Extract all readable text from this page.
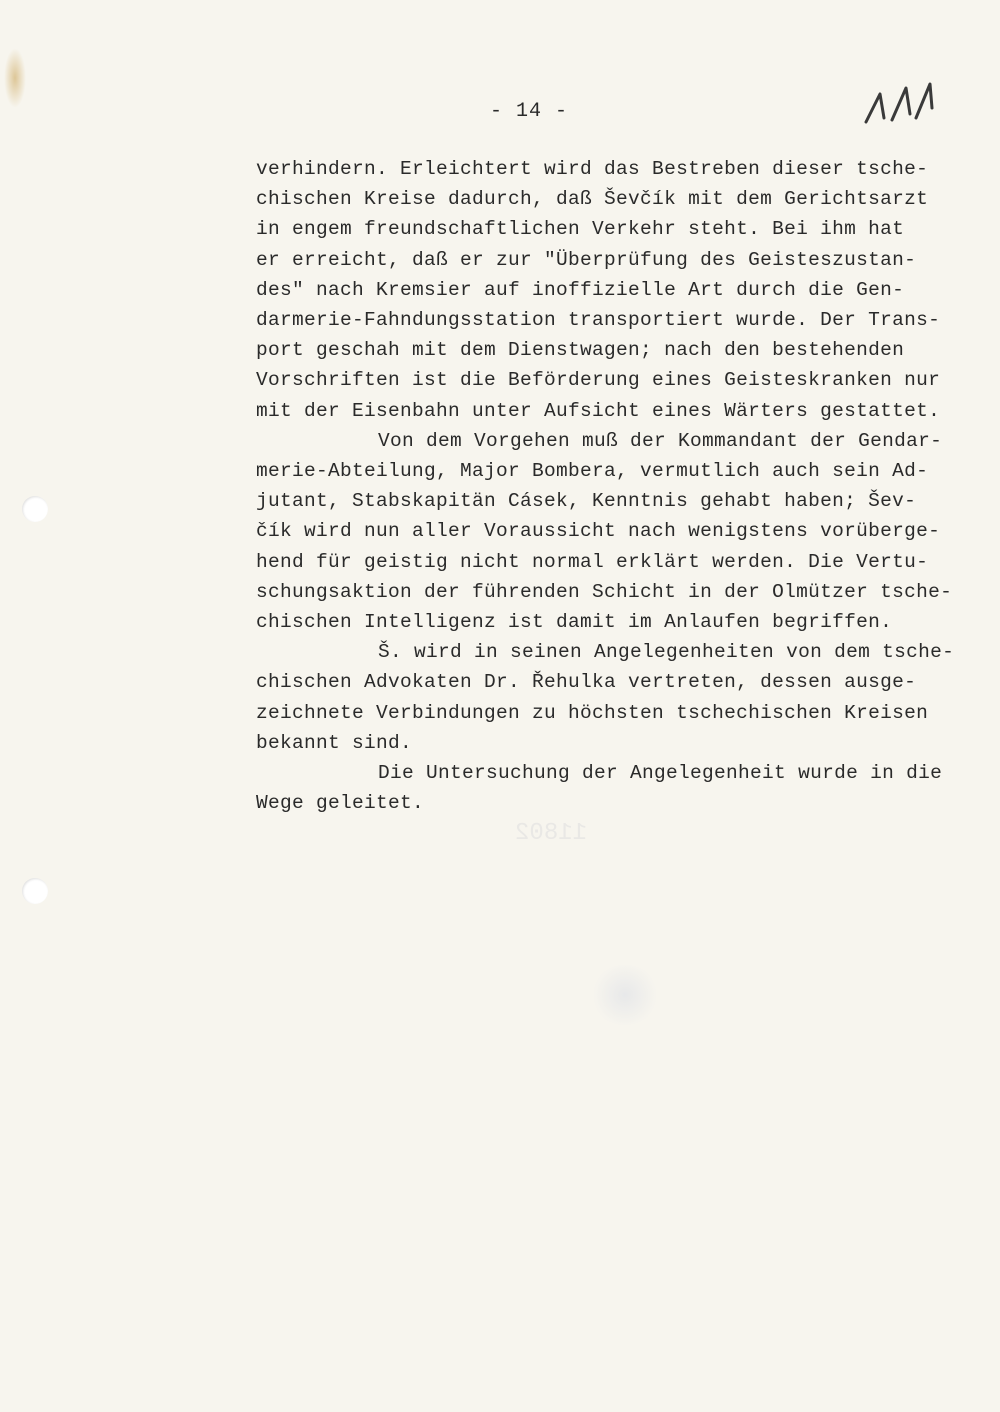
- 14 -
11802
verhindern. Erleichtert wird das Bestreben dieser tsche-
chischen Kreise dadurch, daß Ševčík mit dem Gerichtsarzt
in engem freundschaftlichen Verkehr steht. Bei ihm hat
er erreicht, daß er zur "Überprüfung des Geisteszustan-
des" nach Kremsier auf inoffizielle Art durch die Gen-
darmerie-Fahndungsstation transportiert wurde. Der Trans-
port geschah mit dem Dienstwagen; nach den bestehenden
Vorschriften ist die Beförderung eines Geisteskranken nur
mit der Eisenbahn unter Aufsicht eines Wärters gestattet.
Von dem Vorgehen muß der Kommandant der Gendar-
merie-Abteilung, Major Bombera, vermutlich auch sein Ad-
jutant, Stabskapitän Cásek, Kenntnis gehabt haben; Šev-
čík wird nun aller Voraussicht nach wenigstens vorüberge-
hend für geistig nicht normal erklärt werden. Die Vertu-
schungsaktion der führenden Schicht in der Olmützer tsche-
chischen Intelligenz ist damit im Anlaufen begriffen.
Š. wird in seinen Angelegenheiten von dem tsche-
chischen Advokaten Dr. Řehulka vertreten, dessen ausge-
zeichnete Verbindungen zu höchsten tschechischen Kreisen
bekannt sind.
Die Untersuchung der Angelegenheit wurde in die
Wege geleitet.
